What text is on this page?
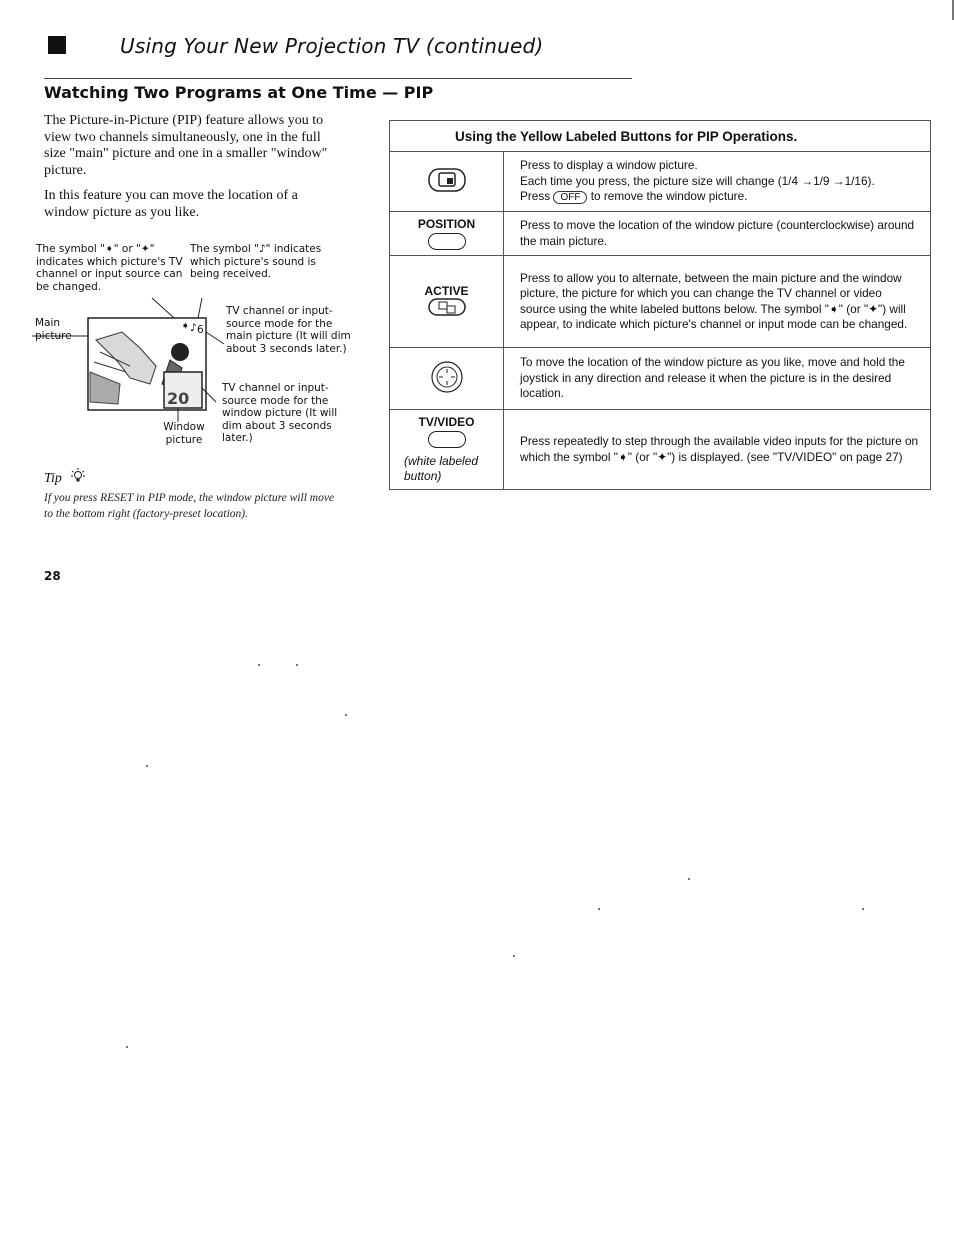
Using Your New Projection TV (continued)
Watching Two Programs at One Time — PIP

The Picture-in-Picture (PIP) feature allows you to view two channels simultaneously, one in the full size "main" picture and one in a smaller "window" picture.

In this feature you can move the location of a window picture as you like.

The symbol "➧" or "✦" indicates which picture's TV channel or input source can be changed.
The symbol "♪" indicates which picture's sound is being received.
➧ ♪ 6
20
Main picture
TV channel or input-source mode for the main picture (It will dim about 3 seconds later.)
TV channel or input-source mode for the window picture (It will dim about 3 seconds later.)
Window picture
Tip
If you press RESET in PIP mode, the window picture will move to the bottom right (factory-preset location).
28
Using the Yellow Labeled Buttons for PIP Operations.	

Press to display a window picture.
Each time you press, the picture size will change (1/4 →1/9 →1/16).
Press OFF to remove the window picture.

POSITION	Press to move the location of the window picture (counterclockwise) around the main picture.

ACTIVE	Press to allow you to alternate, between the main picture and the window picture, the picture for which you can change the TV channel or video source using the white labeled buttons below. The symbol "➧" (or "✦") will appear, to indicate which picture's channel or input mode can be changed.
	To move the location of the window picture as you like, move and hold the joystick in any direction and release it when the picture is in the desired location.

TV/VIDEO
(white labeled button)	Press repeatedly to step through the available video inputs for the picture on which the symbol "➧" (or "✦") is displayed. (see "TV/VIDEO" on page 27)
